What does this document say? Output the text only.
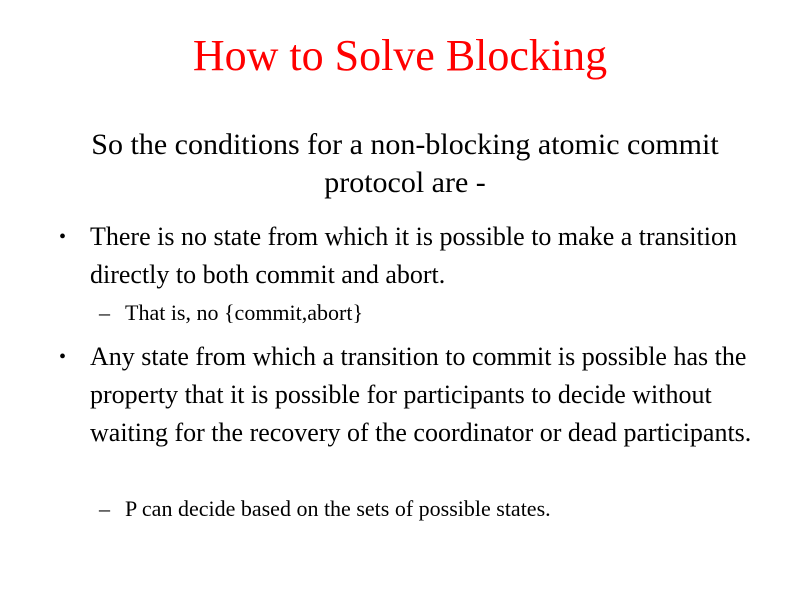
How to Solve Blocking

So the conditions for a non-blocking atomic commit protocol are -

• There is no state from which it is possible to make a transition directly to both commit and abort.
– That is, no {commit,abort}
• Any state from which a transition to commit is possible has the property that it is possible for participants to decide without waiting for the recovery of the coordinator or dead participants.
– P can decide based on the sets of possible states.
